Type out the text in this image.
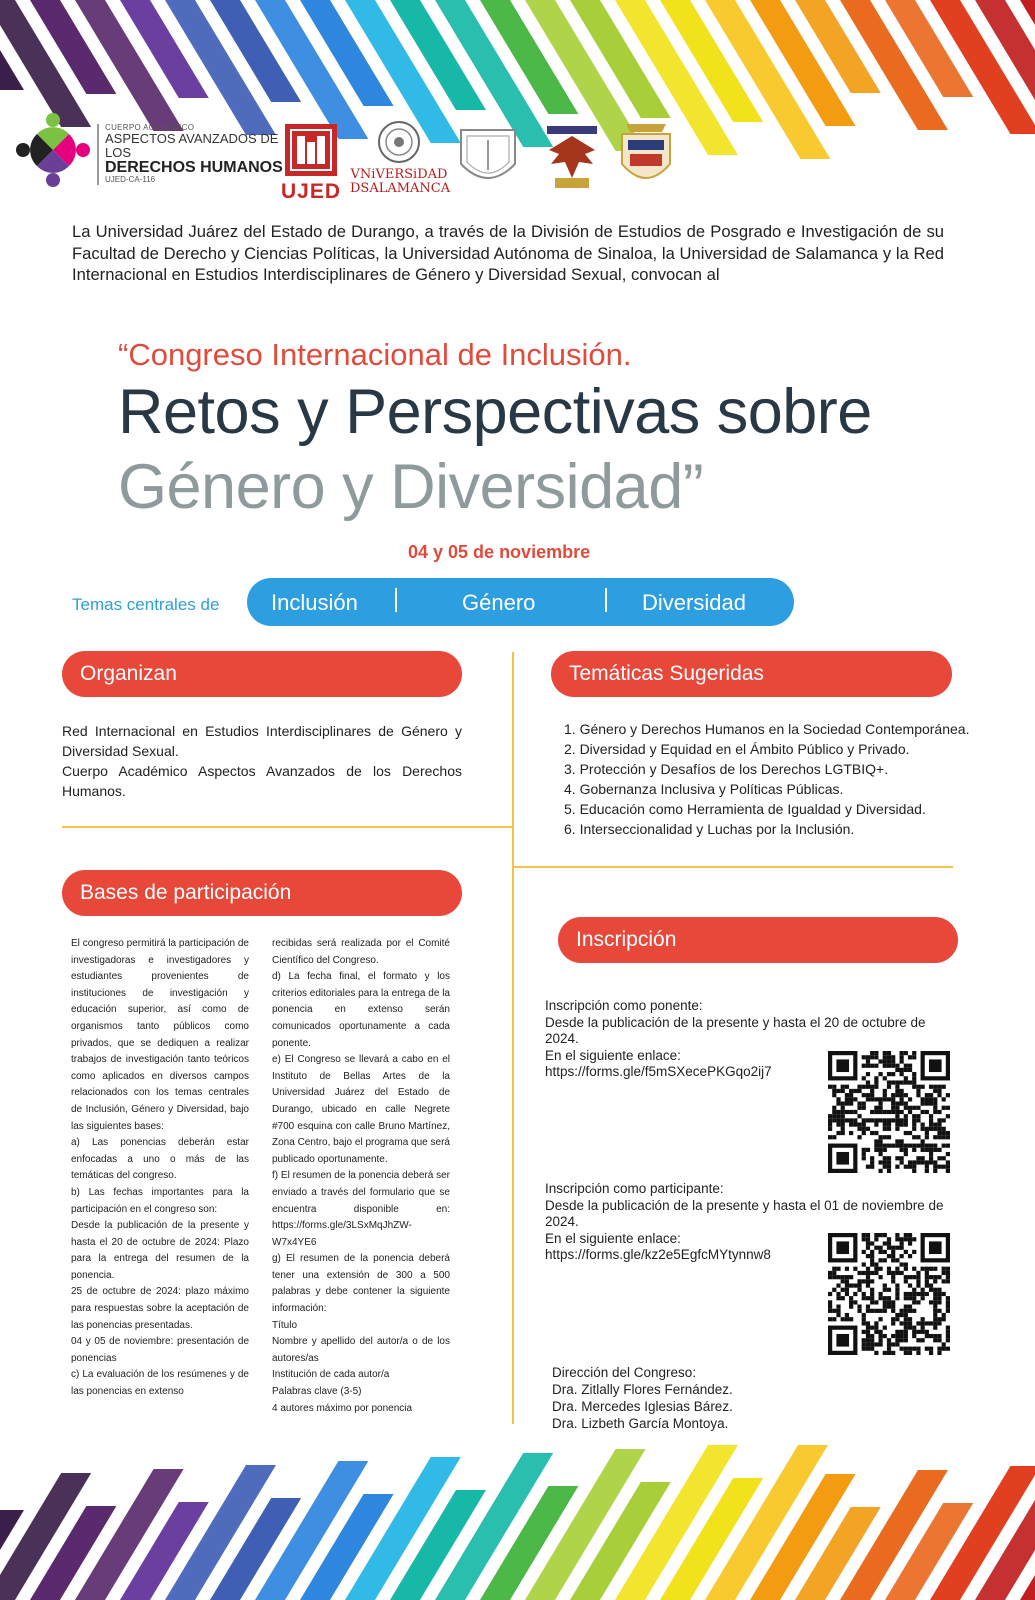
CUERPO ACADÉMICO
ASPECTOS AVANZADOS DE LOS
DERECHOS HUMANOS
UJED-CA-116
UJED
VNiVERSiDAD
DSALAMANCA
La Universidad Juárez del Estado de Durango, a través de la División de Estudios de Posgrado e Investigación de su Facultad de Derecho y Ciencias Políticas, la Universidad Autónoma de Sinaloa, la Universidad de Salamanca y la Red Internacional en Estudios Interdisciplinares de Género y Diversidad Sexual, convocan al
“Congreso Internacional de Inclusión.
Retos y Perspectivas sobre
Género y Diversidad”
04 y 05 de noviembre
Temas centrales de Inclusión	Género	Diversidad
Organizan
Red Internacional en Estudios Interdisciplinares de Género y Diversidad Sexual.
Cuerpo Académico Aspectos Avanzados de los Derechos Humanos.
Temáticas Sugeridas
1. Género y Derechos Humanos en la Sociedad Contemporánea.
2. Diversidad y Equidad en el Ámbito Público y Privado.
3. Protección y Desafíos de los Derechos LGTBIQ+.
4. Gobernanza Inclusiva y Políticas Públicas.
5. Educación como Herramienta de Igualdad y Diversidad.
6. Interseccionalidad y Luchas por la Inclusión.
Bases de participación
El congreso permitirá la participación de investigadoras e investigadores y estudiantes provenientes de instituciones de investigación y educación superior, así como de organismos tanto públicos como privados, que se dediquen a realizar trabajos de investigación tanto teóricos como aplicados en diversos campos relacionados con los temas centrales de Inclusión, Género y Diversidad, bajo las siguientes bases:
a) Las ponencias deberán estar enfocadas a uno o más de las temáticas del congreso.
b) Las fechas importantes para la participación en el congreso son:
Desde la publicación de la presente y hasta el 20 de octubre de 2024: Plazo para la entrega del resumen de la ponencia.
25 de octubre de 2024: plazo máximo para respuestas sobre la aceptación de las ponencias presentadas.
04 y 05 de noviembre: presentación de ponencias
c) La evaluación de los resúmenes y de las ponencias en extenso
recibidas será realizada por el Comité Científico del Congreso.
d) La fecha final, el formato y los criterios editoriales para la entrega de la ponencia en extenso serán comunicados oportunamente a cada ponente.
e) El Congreso se llevará a cabo en el Instituto de Bellas Artes de la Universidad Juárez del Estado de Durango, ubicado en calle Negrete #700 esquina con calle Bruno Martínez, Zona Centro, bajo el programa que será publicado oportunamente.
f) El resumen de la ponencia deberá ser enviado a través del formulario que se encuentra disponible en: https://forms.gle/3LSxMqJhZW-W7x4YE6
g) El resumen de la ponencia deberá tener una extensión de 300 a 500 palabras y debe contener la siguiente información:
Título
Nombre y apellido del autor/a o de los autores/as
Institución de cada autor/a
Palabras clave (3-5)
4 autores máximo por ponencia
Inscripción
Inscripción como ponente:
Desde la publicación de la presente y hasta el 20 de octubre de 2024.
En el siguiente enlace:
https://forms.gle/f5mSXecePKGqo2ij7
Inscripción como participante:
Desde la publicación de la presente y hasta el 01 de noviembre de 2024.
En el siguiente enlace:
https://forms.gle/kz2e5EgfcMYtynnw8
Dirección del Congreso:
Dra. Zitlally Flores Fernández.
Dra. Mercedes Iglesias Bárez.
Dra. Lizbeth García Montoya.
